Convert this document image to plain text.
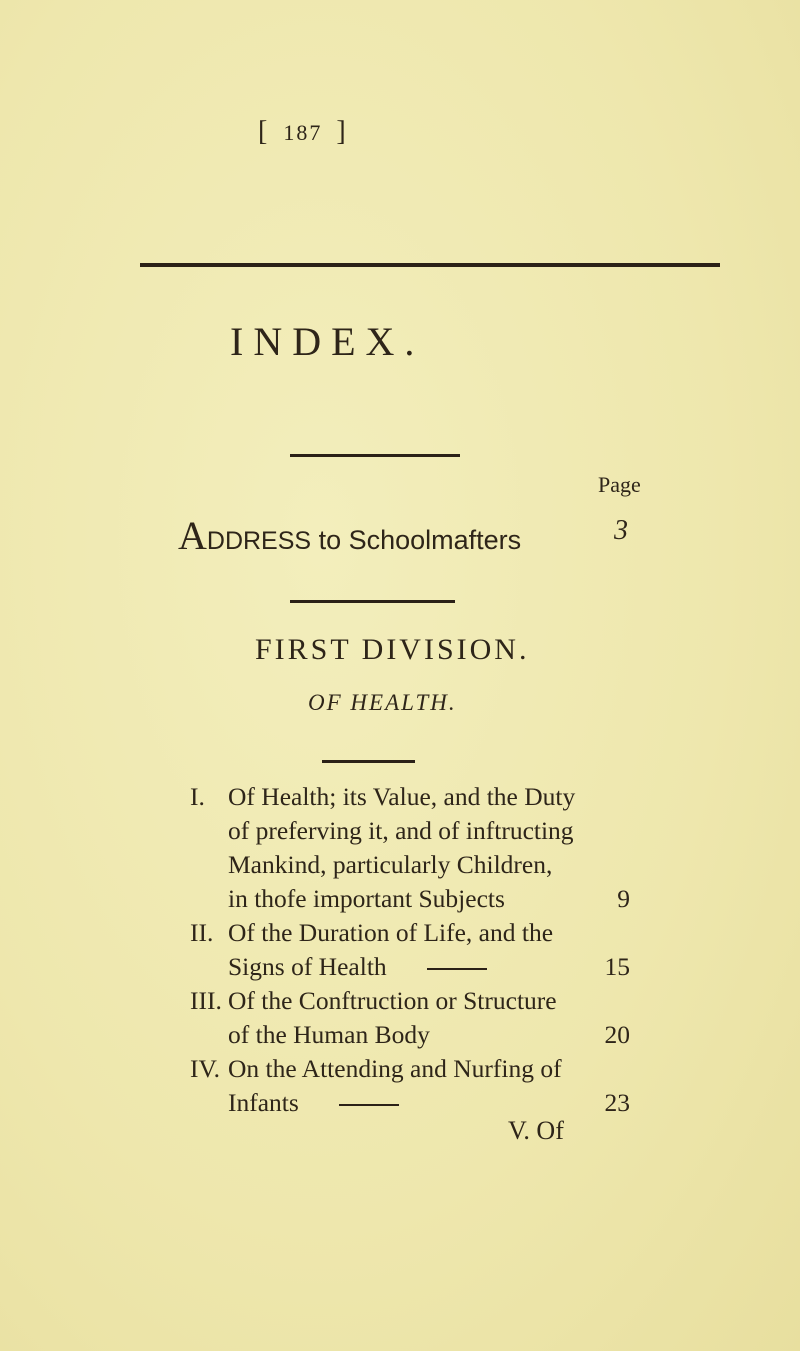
[ 187 ]
INDEX.
Page
ADDRESS to Schoolmafters	3
FIRST DIVISION.
OF HEALTH.
I. Of Health; its Value, and the Duty
of preferving it, and of inftructing
Mankind, particularly Children,
in thofe important Subjects	9
II. Of the Duration of Life, and the
Signs of Health	15
III. Of the Conftruction or Structure
of the Human Body	20
IV. On the Attending and Nurfing of
Infants	23
V. Of
